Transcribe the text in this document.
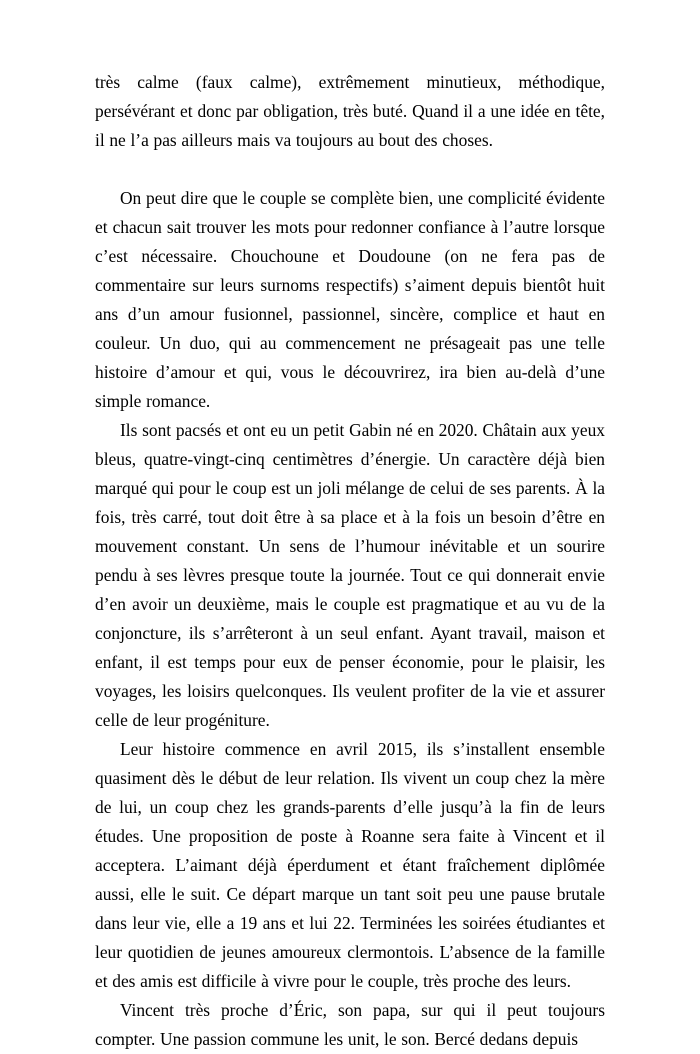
très calme (faux calme), extrêmement minutieux, méthodique, persévérant et donc par obligation, très buté. Quand il a une idée en tête, il ne l’a pas ailleurs mais va toujours au bout des choses.

On peut dire que le couple se complète bien, une complicité évidente et chacun sait trouver les mots pour redonner confiance à l’autre lorsque c’est nécessaire. Chouchoune et Doudoune (on ne fera pas de commentaire sur leurs surnoms respectifs) s’aiment depuis bientôt huit ans d’un amour fusionnel, passionnel, sincère, complice et haut en couleur. Un duo, qui au commencement ne présageait pas une telle histoire d’amour et qui, vous le découvrirez, ira bien au-delà d’une simple romance.

Ils sont pacsés et ont eu un petit Gabin né en 2020. Châtain aux yeux bleus, quatre-vingt-cinq centimètres d’énergie. Un caractère déjà bien marqué qui pour le coup est un joli mélange de celui de ses parents. À la fois, très carré, tout doit être à sa place et à la fois un besoin d’être en mouvement constant. Un sens de l’humour inévitable et un sourire pendu à ses lèvres presque toute la journée. Tout ce qui donnerait envie d’en avoir un deuxième, mais le couple est pragmatique et au vu de la conjoncture, ils s’arrêteront à un seul enfant. Ayant travail, maison et enfant, il est temps pour eux de penser économie, pour le plaisir, les voyages, les loisirs quelconques. Ils veulent profiter de la vie et assurer celle de leur progéniture.

Leur histoire commence en avril 2015, ils s’installent ensemble quasiment dès le début de leur relation. Ils vivent un coup chez la mère de lui, un coup chez les grands-parents d’elle jusqu’à la fin de leurs études. Une proposition de poste à Roanne sera faite à Vincent et il acceptera. L’aimant déjà éperdument et étant fraîchement diplômée aussi, elle le suit. Ce départ marque un tant soit peu une pause brutale dans leur vie, elle a 19 ans et lui 22. Terminées les soirées étudiantes et leur quotidien de jeunes amoureux clermontois. L’absence de la famille et des amis est difficile à vivre pour le couple, très proche des leurs.

Vincent très proche d’Éric, son papa, sur qui il peut toujours compter. Une passion commune les unit, le son. Bercé dedans depuis
